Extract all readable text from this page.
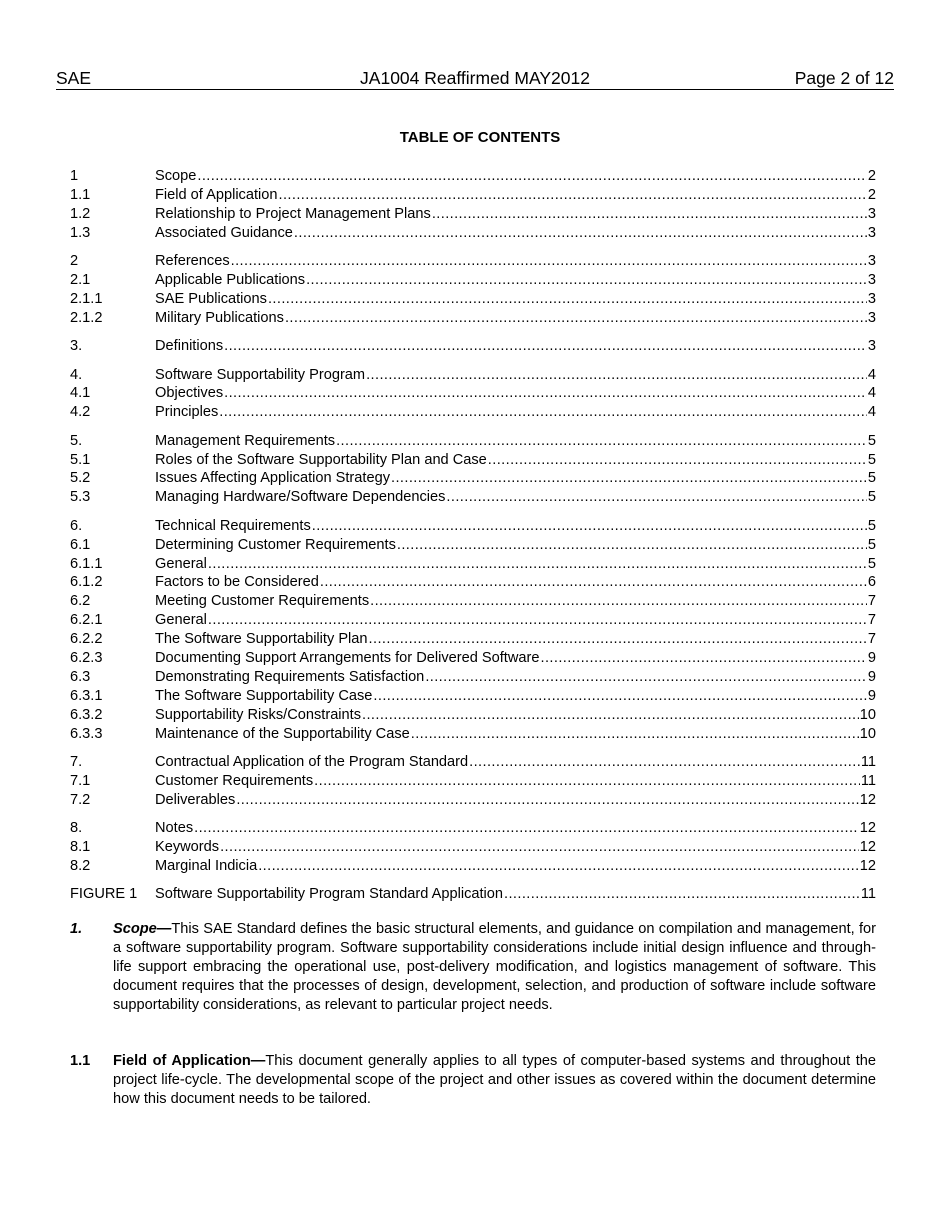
SAE	JA1004 Reaffirmed MAY2012	Page 2 of 12
TABLE OF CONTENTS
1	Scope .....	2
1.1	Field of Application .....	2
1.2	Relationship to Project Management Plans .....	3
1.3	Associated Guidance .....	3
2	References .....	3
2.1	Applicable Publications .....	3
2.1.1	SAE Publications .....	3
2.1.2	Military Publications .....	3
3.	Definitions .....	3
4.	Software Supportability Program .....	4
4.1	Objectives .....	4
4.2	Principles .....	4
5.	Management Requirements .....	5
5.1	Roles of the Software Supportability Plan and Case .....	5
5.2	Issues Affecting Application Strategy .....	5
5.3	Managing Hardware/Software Dependencies .....	5
6.	Technical Requirements .....	5
6.1	Determining Customer Requirements .....	5
6.1.1	General .....	5
6.1.2	Factors to be Considered .....	6
6.2	Meeting Customer Requirements .....	7
6.2.1	General .....	7
6.2.2	The Software Supportability Plan .....	7
6.2.3	Documenting Support Arrangements for Delivered Software .....	9
6.3	Demonstrating Requirements Satisfaction .....	9
6.3.1	The Software Supportability Case .....	9
6.3.2	Supportability Risks/Constraints .....	10
6.3.3	Maintenance of the Supportability Case .....	10
7.	Contractual Application of the Program Standard .....	11
7.1	Customer Requirements .....	11
7.2	Deliverables .....	12
8.	Notes .....	12
8.1	Keywords .....	12
8.2	Marginal Indicia .....	12
FIGURE 1 Software Supportability Program Standard Application .....	11
1. Scope—This SAE Standard defines the basic structural elements, and guidance on compilation and management, for a software supportability program. Software supportability considerations include initial design influence and through-life support embracing the operational use, post-delivery modification, and logistics management of software. This document requires that the processes of design, development, selection, and production of software include software supportability considerations, as relevant to particular project needs.
1.1 Field of Application—This document generally applies to all types of computer-based systems and throughout the project life-cycle. The developmental scope of the project and other issues as covered within the document determine how this document needs to be tailored.
